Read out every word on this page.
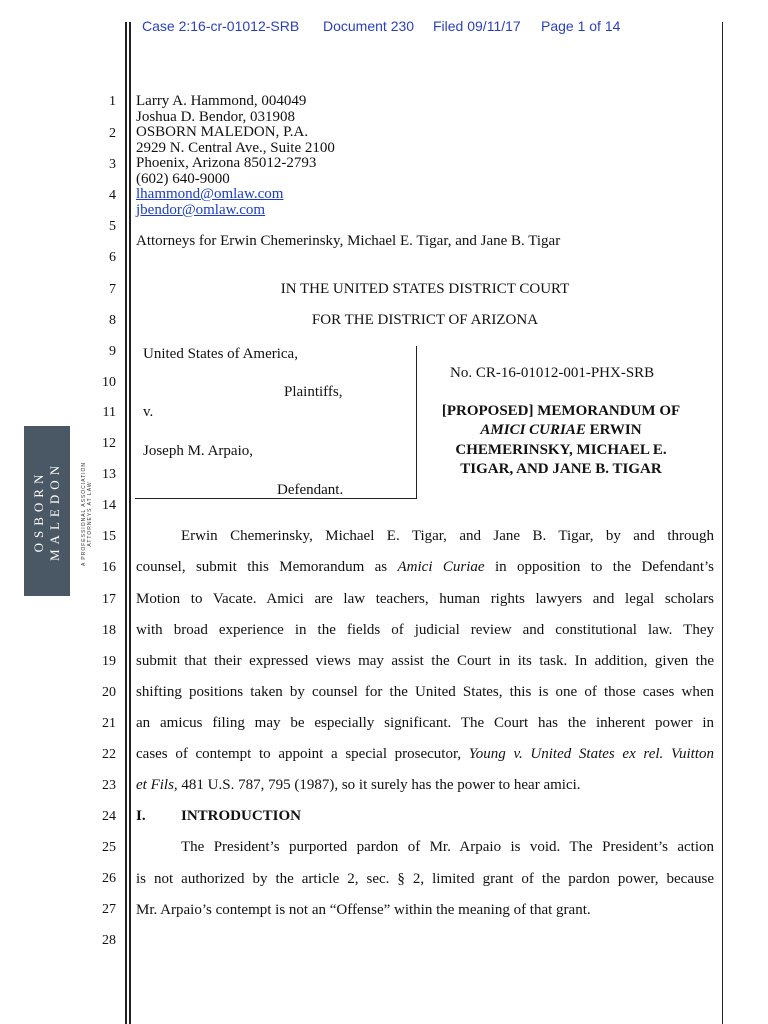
Case 2:16-cr-01012-SRB Document 230 Filed 09/11/17 Page 1 of 14
1
2
3
4
5
6
7
8
9
10
11
12
13
14
15
16
17
18
19
20
21
22
23
24
25
26
27
28
Larry A. Hammond, 004049
Joshua D. Bendor, 031908
OSBORN MALEDON, P.A.
2929 N. Central Ave., Suite 2100
Phoenix, Arizona 85012-2793
(602) 640-9000
lhammond@omlaw.com
jbendor@omlaw.com
Attorneys for Erwin Chemerinsky, Michael E. Tigar, and Jane B. Tigar
IN THE UNITED STATES DISTRICT COURT
FOR THE DISTRICT OF ARIZONA
United States of America,
Plaintiffs,
v.
Joseph M. Arpaio,
Defendant.
No. CR-16-01012-001-PHX-SRB
[PROPOSED] MEMORANDUM OF
AMICI CURIAE ERWIN
CHEMERINSKY, MICHAEL E.
TIGAR, AND JANE B. TIGAR
Erwin Chemerinsky, Michael E. Tigar, and Jane B. Tigar, by and through
counsel, submit this Memorandum as Amici Curiae in opposition to the Defendant’s
Motion to Vacate. Amici are law teachers, human rights lawyers and legal scholars
with broad experience in the fields of judicial review and constitutional law. They
submit that their expressed views may assist the Court in its task. In addition, given the
shifting positions taken by counsel for the United States, this is one of those cases when
an amicus filing may be especially significant. The Court has the inherent power in
cases of contempt to appoint a special prosecutor, Young v. United States ex rel. Vuitton
et Fils, 481 U.S. 787, 795 (1987), so it surely has the power to hear amici.
I. INTRODUCTION
The President’s purported pardon of Mr. Arpaio is void. The President’s action
is not authorized by the article 2, sec. § 2, limited grant of the pardon power, because
Mr. Arpaio’s contempt is not an “Offense” within the meaning of that grant.
OSBORN MALEDON	A PROFESSIONAL ASSOCIATION ATTORNEYS AT LAW
